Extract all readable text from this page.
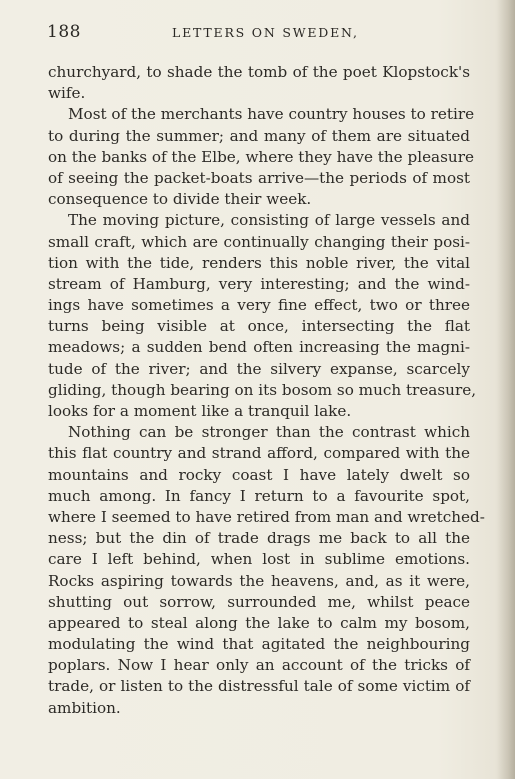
188	LETTERS ON SWEDEN,
churchyard, to shade the tomb of the poet Klopstock's
wife.
Most of the merchants have country houses to retire
to during the summer; and many of them are situated
on the banks of the Elbe, where they have the pleasure
of seeing the packet-boats arrive—the periods of most
consequence to divide their week.
The moving picture, consisting of large vessels and
small craft, which are continually changing their posi-
tion with the tide, renders this noble river, the vital
stream of Hamburg, very interesting; and the wind-
ings have sometimes a very fine effect, two or three
turns being visible at once, intersecting the flat
meadows; a sudden bend often increasing the magni-
tude of the river; and the silvery expanse, scarcely
gliding, though bearing on its bosom so much treasure,
looks for a moment like a tranquil lake.
Nothing can be stronger than the contrast which
this flat country and strand afford, compared with the
mountains and rocky coast I have lately dwelt so
much among. In fancy I return to a favourite spot,
where I seemed to have retired from man and wretched-
ness; but the din of trade drags me back to all the
care I left behind, when lost in sublime emotions.
Rocks aspiring towards the heavens, and, as it were,
shutting out sorrow, surrounded me, whilst peace
appeared to steal along the lake to calm my bosom,
modulating the wind that agitated the neighbouring
poplars. Now I hear only an account of the tricks of
trade, or listen to the distressful tale of some victim of
ambition.
